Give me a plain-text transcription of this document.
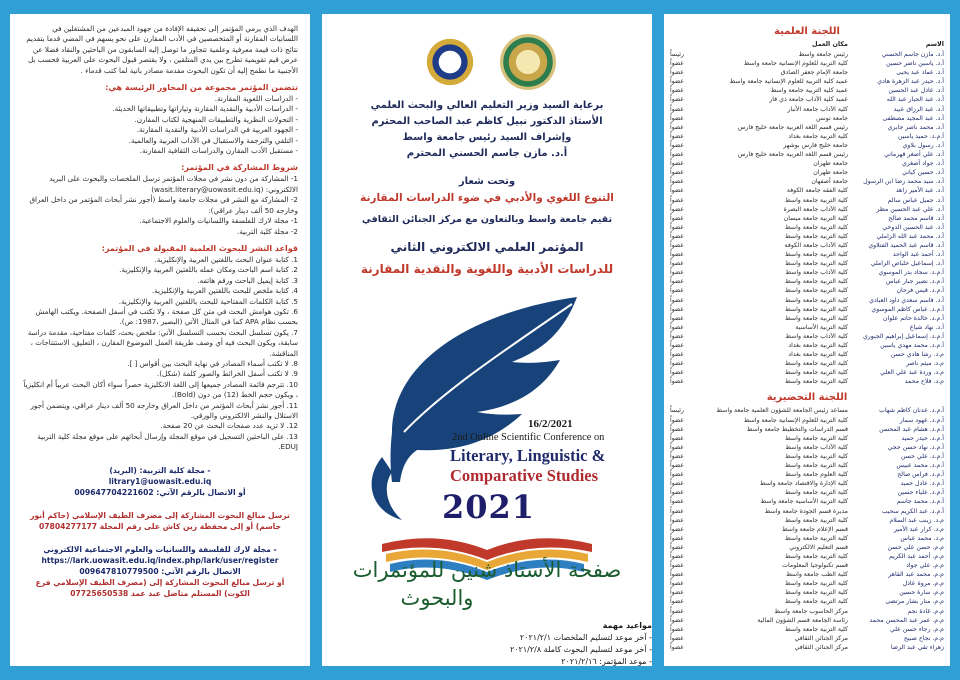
الهدف الذي يرمي المؤتمر إلى تحقيقه الإفادة من جهود المبدعين من المشتغلين في اللسانيات المقارنة أو المتخصصين في الأدب المقارن على نحو يسهم في المضي قدما بتقديم نتائج ذات قيمة معرفية وعلمية تتجاوز ما توصل إليه السابقون من الباحثين والنقاد فضلا عن عرض قيم تقويمية تطرح بين يدي المتلقين ، ولا يقتصر قبول البحوث على العربية فحسب بل الأجنبية ما نطمح إليه أن تكون البحوث مقدمة مصادر بانية لما كتب قدماء .

تتضمن المؤتمر مجموعة من المحاور الرئيسة هي:
- الدراسات اللغوية المقارنة.
- الدراسات الأدبية والنقدية المقارنة وتياراتها وتطبيقاتها الحديثة.
- التحولات النظرية والتطبيقات المنهجية لكتاب المقارن.
- الجهود العربية في الدراسات الأدبية والنقدية المقارنة.
- التلقي والترجمة والاستقبال في الآداب العربية والعالمية.
- مستقبل الأدب المقارن والدراسات الثقافية المقارنة.
شروط المشاركة في المؤتمر:
1- المشاركة من دون نشر في مجلات المؤتمر ترسل الملخصات والبحوث على البريد الالكتروني: (wasit.literary@uowasit.edu.iq)
2- المشاركة مع النشر في مجلات جامعة واسط (أجور نشر أبحاث المؤتمر من داخل العراق وخارجه 50 ألف دينار عراقي):
1- مجلة لارك للفلسفة واللسانيات والعلوم الاجتماعية.
2- مجلة كلية التربية.
قواعد النشر للبحوث العلمية المقبولة في المؤتمر:
1. كتابة عنوان البحث باللغتين العربية والإنكليزية.
2. كتابة اسم الباحث ومكان عمله باللغتين العربية والإنكليزية.
3. كتابة إيميل الباحث ورقم هاتفه.
4. كتابة ملخص للبحث باللغتين العربية والإنكليزية.
5. كتابة الكلمات المفتاحية للبحث باللغتين العربية والإنكليزية.
6. تكون هوامش البحث في متن كل صفحة ، ولا تكتب في أسفل الصفحة. ويكتب الهامش بحسب نظام APA كما في المثال الآتي (البصير ،1987: ص).
7. يكون تسلسل البحث بحسب التسلسل الآتي: ملخص بحث، كلمات مفتاحية، مقدمة دراسة سابقة، ويكون البحث فيه أي وصف طريقة العمل الموضوع المقارن ، التعليق، الاستنتاجات ، المناقشة.
8. لا تكتب أسماء المصادر في نهاية البحث بين أقواس [ ].
9. لا تكتب أسفل الخرائط والصور كلمة (شكل).
10. تترجم قائمة المصادر جميعها إلى اللغة الانكليزية حصراً سواء أكان البحث عربياً أم انكليزياً ، ويكون حجم الخط (12) من دون (Bold).
11. أجور نشر أبحاث المؤتمر من داخل العراق وخارجه 50 ألف دينار عراقي، ويتضمن أجور الاستلال والنشر الالكتروني والورقي.
12. لا تزيد عدد صفحات البحث عن 20 صفحة.
13. على الباحثين التسجيل في موقع المجلة وإرسال أبحاثهم على موقع مجلة كلية التربية EDUJ.
- مجلة كلية التربية: (البريد)
litrary1@uowasit.edu.iq
أو الاتصال بالرقم الآتي: 009647704221602
ترسل مبالغ البحوث المشاركة إلى مصرف الطيف الإسلامي (حاكم أنور جاسم) أو إلى محفظة زين كاش على رقم المجلة 07804277177
- مجلة لارك للفلسفة واللسانيات والعلوم الاجتماعية الالكتروني
https://lark.uowasit.edu.iq/index.php/lark/user/register
الاتصال بالرقم الآتي: 009647810779500
أو ترسل مبالغ البحوث المشاركة إلى (مصرف الطيف الإسلامي فرع الكوت) المستلم متاضل عبد عمد 07725650538
برعاية السيد وزير التعليم العالي والبحث العلمي
الأستاذ الدكتور نبيل كاظم عبد الصاحب المحترم
وإشراف السيد رئيس جامعة واسط
أ.د. مازن جاسم الحسني المحترم
وتحت شعار
التنوع اللغوي والأدبي في ضوء الدراسات المقارنة
تقيم جامعة واسط وبالتعاون مع مركز الجنائن الثقافي
المؤتمر العلمي الالكتروني الثاني
للدراسات الأدبية واللغوية والنقدية المقارنة
16/2/2021
2nd Online Scientific Conference on
Literary, Linguistic &
Comparative Studies
2021
صفحة الأستاذ شنين للمؤتمرات
والبحوث
مواعيد مهمة
- آخر موعد لتسليم الملخصات ٢٠٢١/٢/١
- آخر موعد لتسليم البحوث كاملة ٢٠٢١/٢/٨
- موعد المؤتمر: ٢٠٢١/٢/١٦
اللجنة العلمية
الاسم
مكان العمل
أ.د. مازن جاسم الحسني
رئيس جامعة واسط
رئيساً
أ.د. ياسين ناصر حسين
كلية التربية للعلوم الإنسانية جامعة واسط
عضواً
أ.د. عماد عبد يحيى
جامعة الإمام جعفر الصادق
عضواً
أ.د. حيدر عبد الزهرة هادي
عميد كلية التربية للعلوم الإنسانية جامعة واسط
عضواً
أ.د. عادل عبد الحسين
عميد كلية التربية جامعة واسط
عضواً
أ.د. عبد الجبار عبد الله
عميد كلية الآداب جامعة ذي قار
عضواً
أ.د. عبد الرزاق عبيد
كلية الآداب جامعة الأنبار
عضواً
أ.د. عبد المجيد مصطفى
جامعة تونس
عضواً
أ.د. محمد ناصر جابري
رئيس قسم اللغة العربية جامعة خليج فارس
عضواً
أ.م.د. حميد ياسين
كلية التربية جامعة بغداد
عضواً
أ.د. رسول بلاوي
جامعة خليج فارس بوشهر
عضواً
أ.د. علي أصغر قهرماني
رئيس قسم اللغة العربية جامعة خليج فارس
عضواً
أ.د. جواد أصغري
جامعة طهران
عضواً
أ.د. حسين كياني
جامعة طهران
عضواً
أ.د. سيد محمد رضا ابن الرسول
جامعة أصفهان
عضواً
أ.د. عبد الأمير زاهد
كلية الفقه جامعة الكوفة
عضواً
أ.د. جميل عباس سالم
كلية التربية جامعة واسط
عضواً
أ.د. علي عبد الحسين مطر
كلية الآداب جامعة البصرة
عضواً
أ.د. قاسم محمد صالح
كلية التربية جامعة ميسان
عضواً
أ.د. عبد الحسين الدوخي
كلية التربية جامعة واسط
عضواً
أ.د. محمد عبد الله الزاملي
كلية التربية جامعة واسط
عضواً
أ.د. قاسم عبد الحميد الفتلاوي
كلية الآداب جامعة الكوفة
عضواً
أ.د. أحمد عبد الواحد
كلية التربية جامعة واسط
عضواً
أ.د. إسماعيل خلباص الزاملي
كلية التربية جامعة واسط
عضواً
أ.م.د. سجاد بدر الموسوي
كلية الآداب جامعة واسط
عضواً
أ.م.د. نصير جبار عباس
كلية التربية جامعة واسط
عضواً
أ.م.د. قيس فرحان
كلية التربية جامعة واسط
عضواً
أ.د. قاسم سعدي داود العبادي
كلية التربية جامعة واسط
عضواً
أ.م.د. عباس كاظم الموسوي
كلية التربية جامعة واسط
عضواً
أ.م.د. خالدة حاتم علوان
كلية التربية جامعة واسط
عضواً
أ.د. نهاد شياع
كلية التربية الأساسية
عضواً
أ.م.د. إسماعيل إبراهيم الجبوري
كلية الآداب جامعة واسط
عضواً
أ.م.د. محمد مهدي ياسين
كلية التربية جامعة بغداد
عضواً
م.د. رشا هادي حسن
كلية التربية جامعة بغداد
عضواً
م.د. ميثم ناصر
كلية التربية جامعة واسط
عضواً
م.د. وردة عبد علي العلي
كلية التربية جامعة واسط
عضواً
م.د. فلاح محمد
كلية التربية جامعة واسط
عضواً
اللجنة التحضيرية
أ.م.د. عدنان كاظم شهاب
مساعد رئيس الجامعة للشؤون العلمية جامعة واسط
رئيساً
أ.م.د. عهود سمار
كلية التربية للعلوم الإنسانية جامعة واسط
عضواً
أ.م.د. هشام عبد المحسن
قسم الدراسات والتخطيط جامعة واسط
عضواً
أ.م.د. حيدر حميد
كلية التربية جامعة واسط
عضواً
أ.م.د. نهاد حسن حجي
كلية الآداب جامعة واسط
عضواً
أ.م.د. علي حسن
كلية التربية جامعة واسط
عضواً
أ.م.د. محمد عبيس
كلية التربية جامعة واسط
عضواً
أ.م.د. فراس صالح
كلية العلوم جامعة واسط
عضواً
أ.م.د. عادل حميد
كلية الإدارة والاقتصاد جامعة واسط
عضواً
أ.م.د. علياء حسين
كلية التربية جامعة واسط
عضواً
أ.م.د. محمد جاسم
كلية التربية الأساسية جامعة واسط
عضواً
أ.م.د. عبد الكريم سحيب
مديرة قسم الجودة جامعة واسط
عضواً
م.د. زينب عبد السلام
كلية التربية جامعة واسط
عضواً
م.د. كرار عبد الأمير
قسم الإعلام جامعة واسط
عضواً
م.د. محمد عباس
كلية التربية جامعة واسط
عضواً
م.م. حسن علي حسن
قسم التعليم الالكتروني
عضواً
م.م. أحمد عبد الكريم
كلية التربية جامعة واسط
عضواً
م.م. علي جواد
قسم تكنولوجيا المعلومات
عضواً
م.م. محمد عبد القاهر
كلية الطب جامعة واسط
عضواً
م.م. مروة عادل
كلية التربية جامعة واسط
عضواً
م.م. سارة حسين
كلية التربية جامعة واسط
عضواً
م.م. منار بشار مرتضى
كلية التربية جامعة واسط
عضواً
م.م. غادة نجم
مركز الحاسوب جامعة واسط
عضواً
م.م. عمر عبد المحسن محمد
رئاسة الجامعة قسم الشؤون المالية
عضواً
م.م. رجاء حسن علي
كلية التربية جامعة واسط
عضواً
م.م. نجاح صبيح
مركز الجنائن الثقافي
عضواً
زهراء تقي عبد الرضا
مركز الجنائن الثقافي
عضواً
